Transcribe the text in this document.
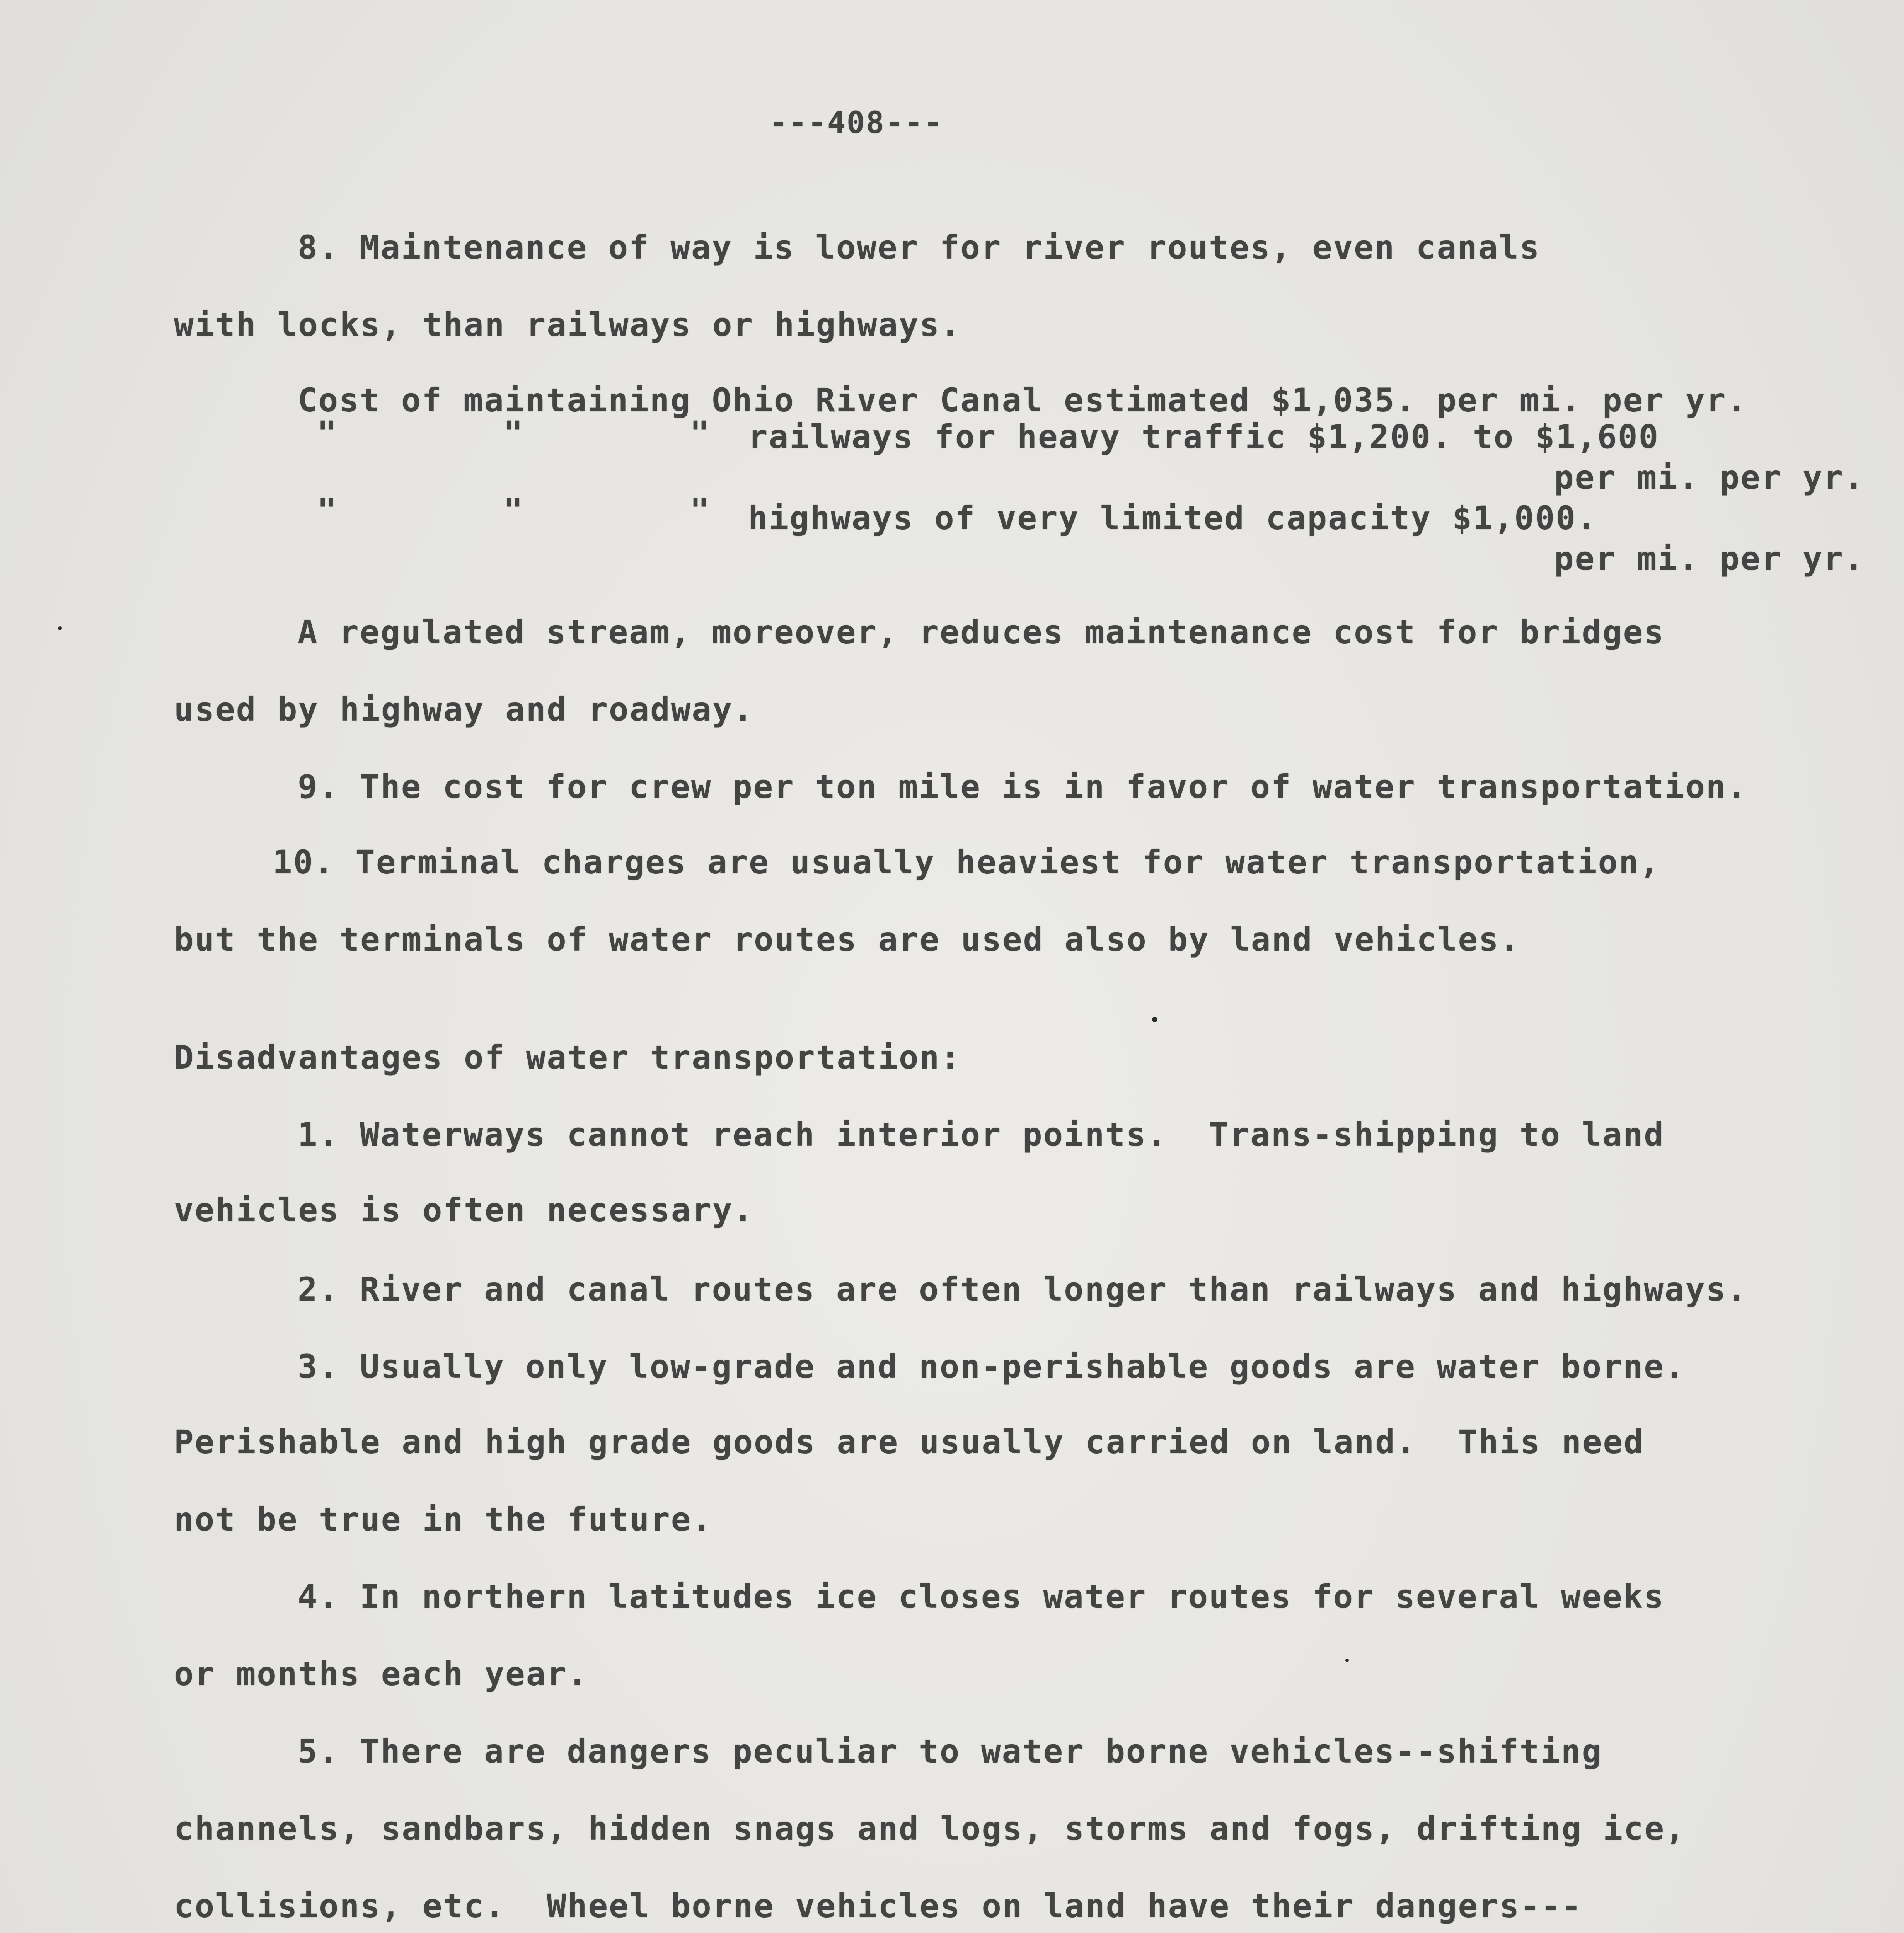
---408---
8. Maintenance of way is lower for river routes, even canals
with locks, than railways or highways.
Cost of maintaining Ohio River Canal estimated $1,035. per mi. per yr.
"        "        " railways for heavy traffic $1,200. to $1,600
per mi. per yr.
"        "        " highways of very limited capacity $1,000.
per mi. per yr.
A regulated stream, moreover, reduces maintenance cost for bridges
used by highway and roadway.
9. The cost for crew per ton mile is in favor of water transportation.
10. Terminal charges are usually heaviest for water transportation,
but the terminals of water routes are used also by land vehicles.
Disadvantages of water transportation:
1. Waterways cannot reach interior points.  Trans-shipping to land
vehicles is often necessary.
2. River and canal routes are often longer than railways and highways.
3. Usually only low-grade and non-perishable goods are water borne.
Perishable and high grade goods are usually carried on land.  This need
not be true in the future.
4. In northern latitudes ice closes water routes for several weeks
or months each year.
5. There are dangers peculiar to water borne vehicles--shifting
channels, sandbars, hidden snags and logs, storms and fogs, drifting ice,
collisions, etc.  Wheel borne vehicles on land have their dangers---
